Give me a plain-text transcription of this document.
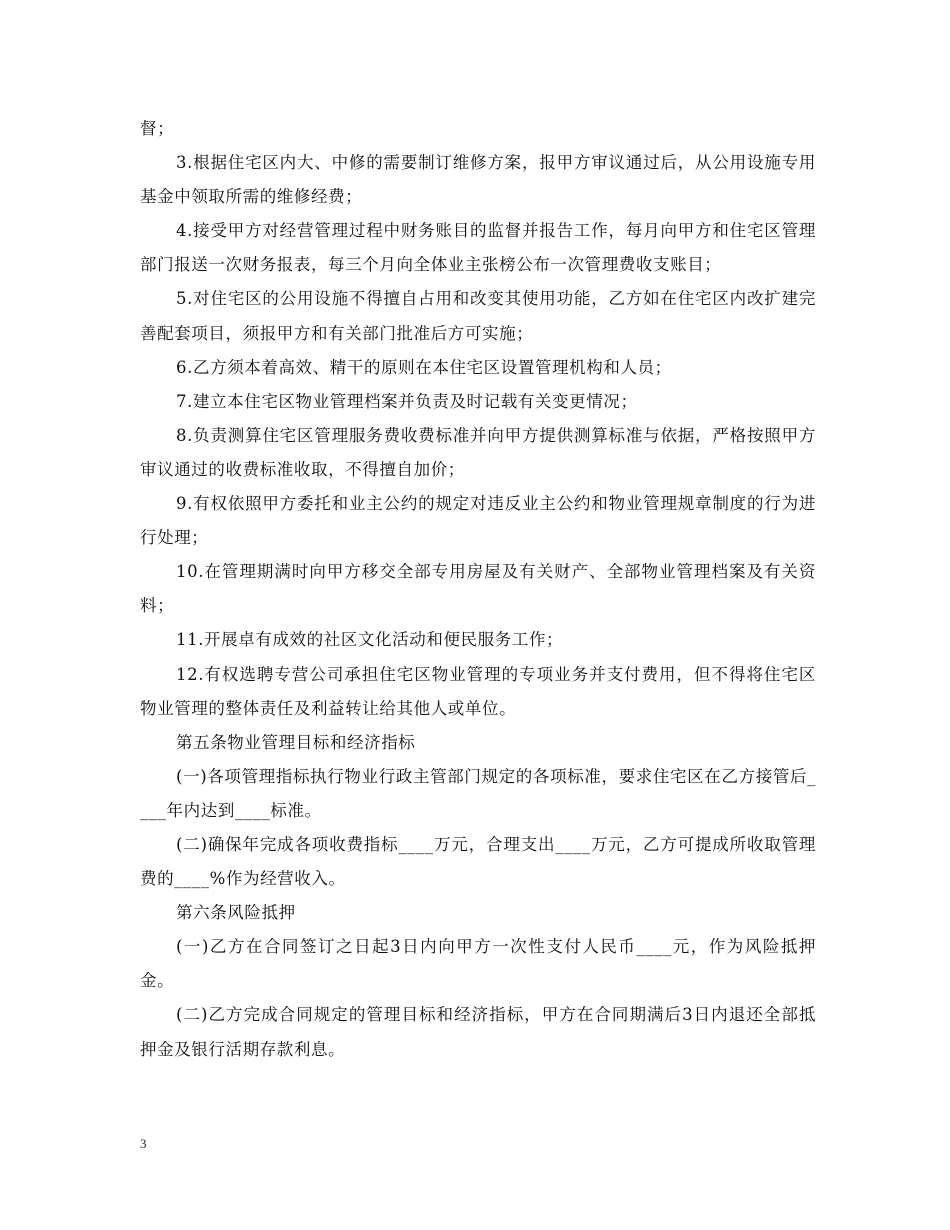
督；

3.根据住宅区内大、中修的需要制订维修方案，报甲方审议通过后，从公用设施专用基金中领取所需的维修经费；

4.接受甲方对经营管理过程中财务账目的监督并报告工作，每月向甲方和住宅区管理部门报送一次财务报表，每三个月向全体业主张榜公布一次管理费收支账目；

5.对住宅区的公用设施不得擅自占用和改变其使用功能，乙方如在住宅区内改扩建完善配套项目，须报甲方和有关部门批准后方可实施；

6.乙方须本着高效、精干的原则在本住宅区设置管理机构和人员；

7.建立本住宅区物业管理档案并负责及时记载有关变更情况；

8.负责测算住宅区管理服务费收费标准并向甲方提供测算标准与依据，严格按照甲方审议通过的收费标准收取，不得擅自加价；

9.有权依照甲方委托和业主公约的规定对违反业主公约和物业管理规章制度的行为进行处理；

10.在管理期满时向甲方移交全部专用房屋及有关财产、全部物业管理档案及有关资料；

11.开展卓有成效的社区文化活动和便民服务工作；

12.有权选聘专营公司承担住宅区物业管理的专项业务并支付费用，但不得将住宅区物业管理的整体责任及利益转让给其他人或单位。

第五条物业管理目标和经济指标

(一)各项管理指标执行物业行政主管部门规定的各项标准，要求住宅区在乙方接管后____年内达到____标准。

(二)确保年完成各项收费指标____万元，合理支出____万元，乙方可提成所收取管理费的____%作为经营收入。

第六条风险抵押

(一)乙方在合同签订之日起3日内向甲方一次性支付人民币____元，作为风险抵押金。

(二)乙方完成合同规定的管理目标和经济指标，甲方在合同期满后3日内退还全部抵押金及银行活期存款利息。

3
